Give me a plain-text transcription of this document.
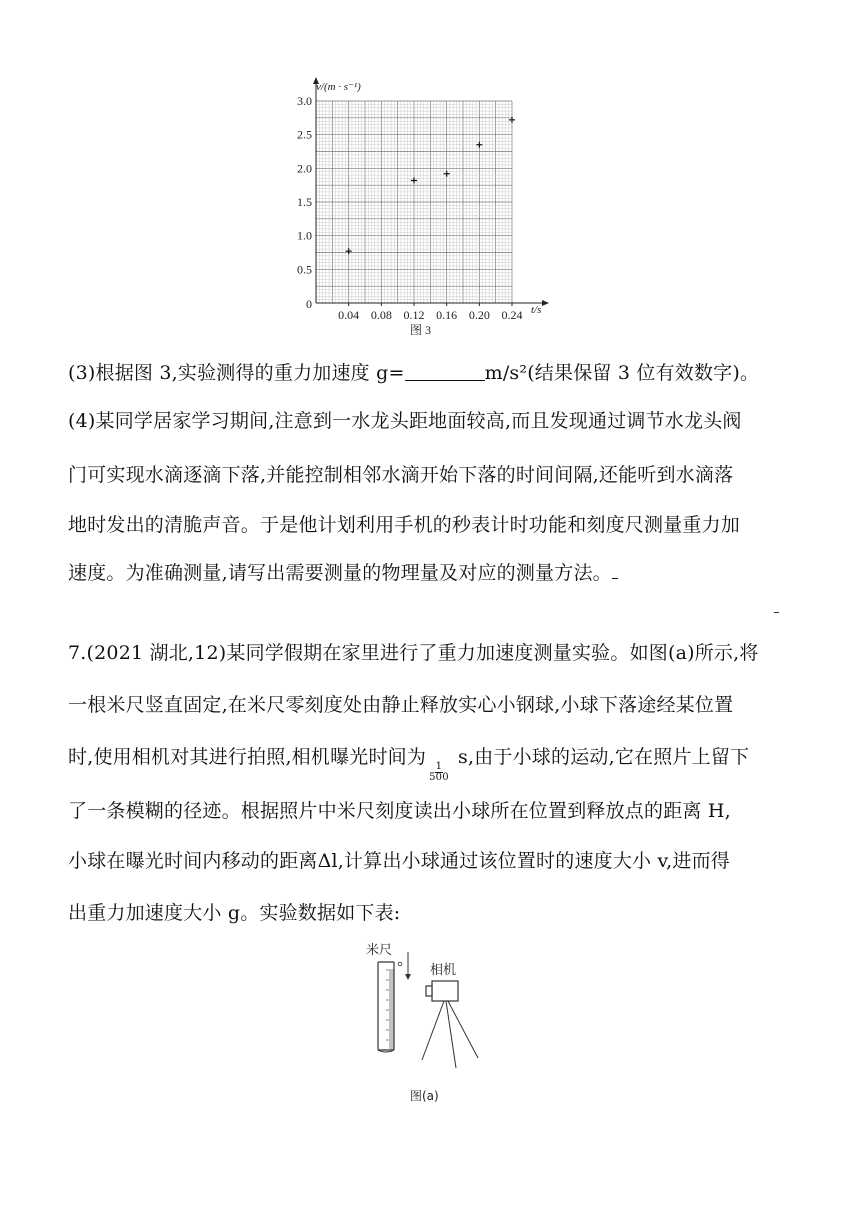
0.04 0.08 0.12 0.16 0.20 0.24
0.5
1.0
1.5
2.0
2.5
3.0
v/(m · s⁻¹)
t/s
0
图 3
(3)根据图 3,实验测得的重力加速度 g=	m/s²(结果保留 3 位有效数字)。
(4)某同学居家学习期间,注意到一水龙头距地面较高,而且发现通过调节水龙头阀
门可实现水滴逐滴下落,并能控制相邻水滴开始下落的时间间隔,还能听到水滴落
地时发出的清脆声音。于是他计划利用手机的秒表计时功能和刻度尺测量重力加
速度。为准确测量,请写出需要测量的物理量及对应的测量方法。
7.(2021 湖北,12)某同学假期在家里进行了重力加速度测量实验。如图(a)所示,将
一根米尺竖直固定,在米尺零刻度处由静止释放实心小钢球,小球下落途经某位置
时,使用相机对其进行拍照,相机曝光时间为
$\frac{1}{500}$
s,由于小球的运动,它在照片上留下
了一条模糊的径迹。根据照片中米尺刻度读出小球所在位置到释放点的距离 H,
小球在曝光时间内移动的距离Δl,计算出小球通过该位置时的速度大小 v,进而得
出重力加速度大小 g。实验数据如下表:
米尺
相机
图(a)
